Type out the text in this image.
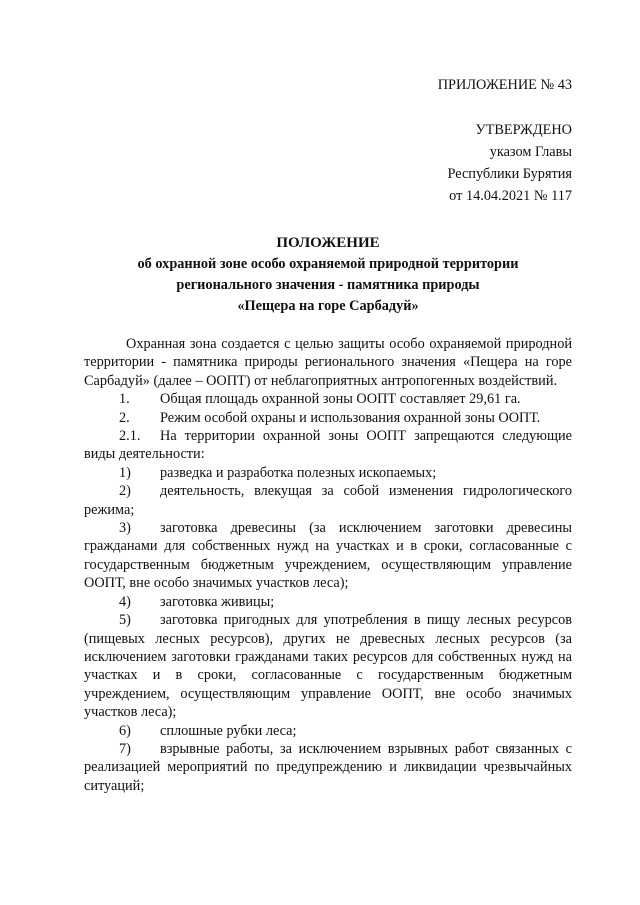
ПРИЛОЖЕНИЕ № 43
УТВЕРЖДЕНО
указом Главы
Республики Бурятия
от 14.04.2021 № 117
ПОЛОЖЕНИЕ
об охранной зоне особо охраняемой природной территории
регионального значения - памятника природы
«Пещера на горе Сарбадуй»

Охранная зона создается с целью защиты особо охраняемой природной территории - памятника природы регионального значения «Пещера на горе Сарбадуй» (далее – ООПТ) от неблагоприятных антропогенных воздействий.

1. Общая площадь охранной зоны ООПТ составляет 29,61 га.

2. Режим особой охраны и использования охранной зоны ООПТ.

2.1. На территории охранной зоны ООПТ запрещаются следующие виды деятельности:

1) разведка и разработка полезных ископаемых;

2) деятельность, влекущая за собой изменения гидрологического режима;

3) заготовка древесины (за исключением заготовки древесины гражданами для собственных нужд на участках и в сроки, согласованные с государственным бюджетным учреждением, осуществляющим управление ООПТ, вне особо значимых участков леса);

4) заготовка живицы;

5) заготовка пригодных для употребления в пищу лесных ресурсов (пищевых лесных ресурсов), других не древесных лесных ресурсов (за исключением заготовки гражданами таких ресурсов для собственных нужд на участках и в сроки, согласованные с государственным бюджетным учреждением, осуществляющим управление ООПТ, вне особо значимых участков леса);

6) сплошные рубки леса;

7) взрывные работы, за исключением взрывных работ связанных с реализацией мероприятий по предупреждению и ликвидации чрезвычайных ситуаций;
